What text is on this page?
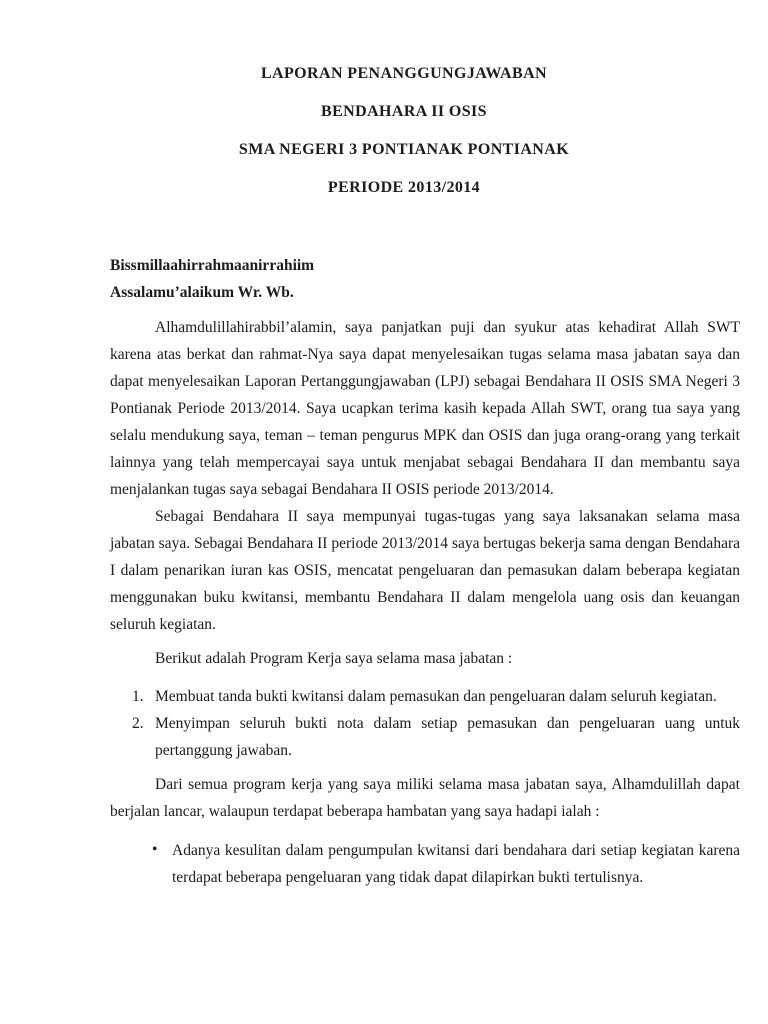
LAPORAN PENANGGUNGJAWABAN
BENDAHARA II OSIS
SMA NEGERI 3 PONTIANAK PONTIANAK
PERIODE 2013/2014
Bissmillaahirrahmaanirrahiim
Assalamu’alaikum Wr. Wb.

Alhamdulillahirabbil’alamin, saya panjatkan puji dan syukur atas kehadirat Allah SWT karena atas berkat dan rahmat-Nya saya dapat menyelesaikan tugas selama masa jabatan saya dan dapat menyelesaikan Laporan Pertanggungjawaban (LPJ) sebagai Bendahara II OSIS SMA Negeri 3 Pontianak Periode 2013/2014. Saya ucapkan terima kasih kepada Allah SWT, orang tua saya yang selalu mendukung saya, teman – teman pengurus MPK dan OSIS dan juga orang-orang yang terkait lainnya yang telah mempercayai saya untuk menjabat sebagai Bendahara II dan membantu saya menjalankan tugas saya sebagai Bendahara II OSIS periode 2013/2014.

Sebagai Bendahara II saya mempunyai tugas-tugas yang saya laksanakan selama masa jabatan saya. Sebagai Bendahara II periode 2013/2014 saya bertugas bekerja sama dengan Bendahara I dalam penarikan iuran kas OSIS, mencatat pengeluaran dan pemasukan dalam beberapa kegiatan menggunakan buku kwitansi, membantu Bendahara II dalam mengelola uang osis dan keuangan seluruh kegiatan.

Berikut adalah Program Kerja saya selama masa jabatan :

1. Membuat tanda bukti kwitansi dalam pemasukan dan pengeluaran dalam seluruh kegiatan.
2. Menyimpan seluruh bukti nota dalam setiap pemasukan dan pengeluaran uang untuk pertanggung jawaban.

Dari semua program kerja yang saya miliki selama masa jabatan saya, Alhamdulillah dapat berjalan lancar, walaupun terdapat beberapa hambatan yang saya hadapi ialah :

• Adanya kesulitan dalam pengumpulan kwitansi dari bendahara dari setiap kegiatan karena terdapat beberapa pengeluaran yang tidak dapat dilapirkan bukti tertulisnya.
